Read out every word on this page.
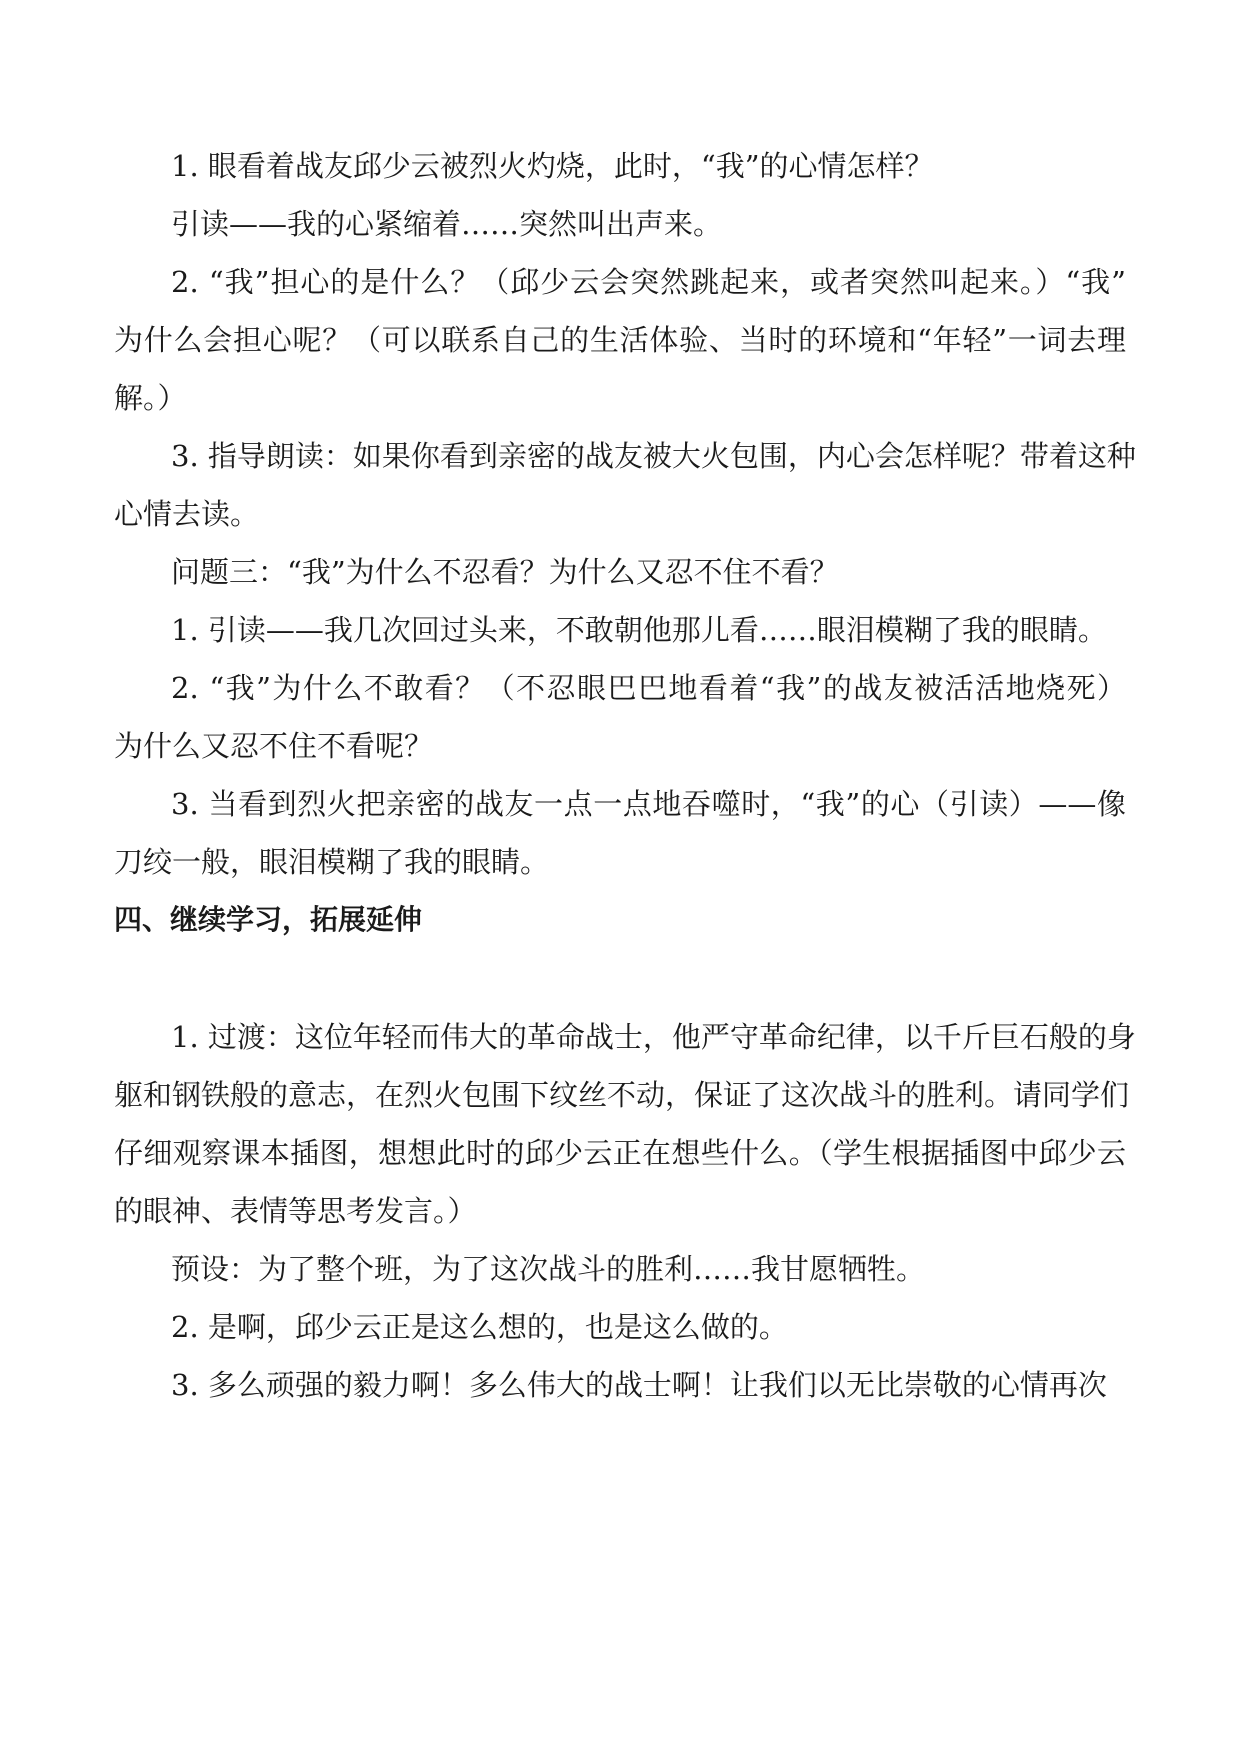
1. 眼看着战友邱少云被烈火灼烧，此时，“我”的心情怎样？
引读——我的心紧缩着……突然叫出声来。
2. “我”担心的是什么？（邱少云会突然跳起来，或者突然叫起来。）“我”
为什么会担心呢？（可以联系自己的生活体验、当时的环境和“年轻”一词去理
解。）
3. 指导朗读：如果你看到亲密的战友被大火包围，内心会怎样呢？带着这种
心情去读。
问题三：“我”为什么不忍看？为什么又忍不住不看？
1. 引读——我几次回过头来，不敢朝他那儿看……眼泪模糊了我的眼睛。
2. “我”为什么不敢看？（不忍眼巴巴地看着“我”的战友被活活地烧死）
为什么又忍不住不看呢？
3. 当看到烈火把亲密的战友一点一点地吞噬时，“我”的心（引读）——像
刀绞一般，眼泪模糊了我的眼睛。
四、继续学习，拓展延伸
1. 过渡：这位年轻而伟大的革命战士，他严守革命纪律，以千斤巨石般的身
躯和钢铁般的意志，在烈火包围下纹丝不动，保证了这次战斗的胜利。请同学们
仔细观察课本插图，想想此时的邱少云正在想些什么。（学生根据插图中邱少云
的眼神、表情等思考发言。）
预设：为了整个班，为了这次战斗的胜利……我甘愿牺牲。
2. 是啊，邱少云正是这么想的，也是这么做的。
3. 多么顽强的毅力啊！多么伟大的战士啊！让我们以无比崇敬的心情再次
